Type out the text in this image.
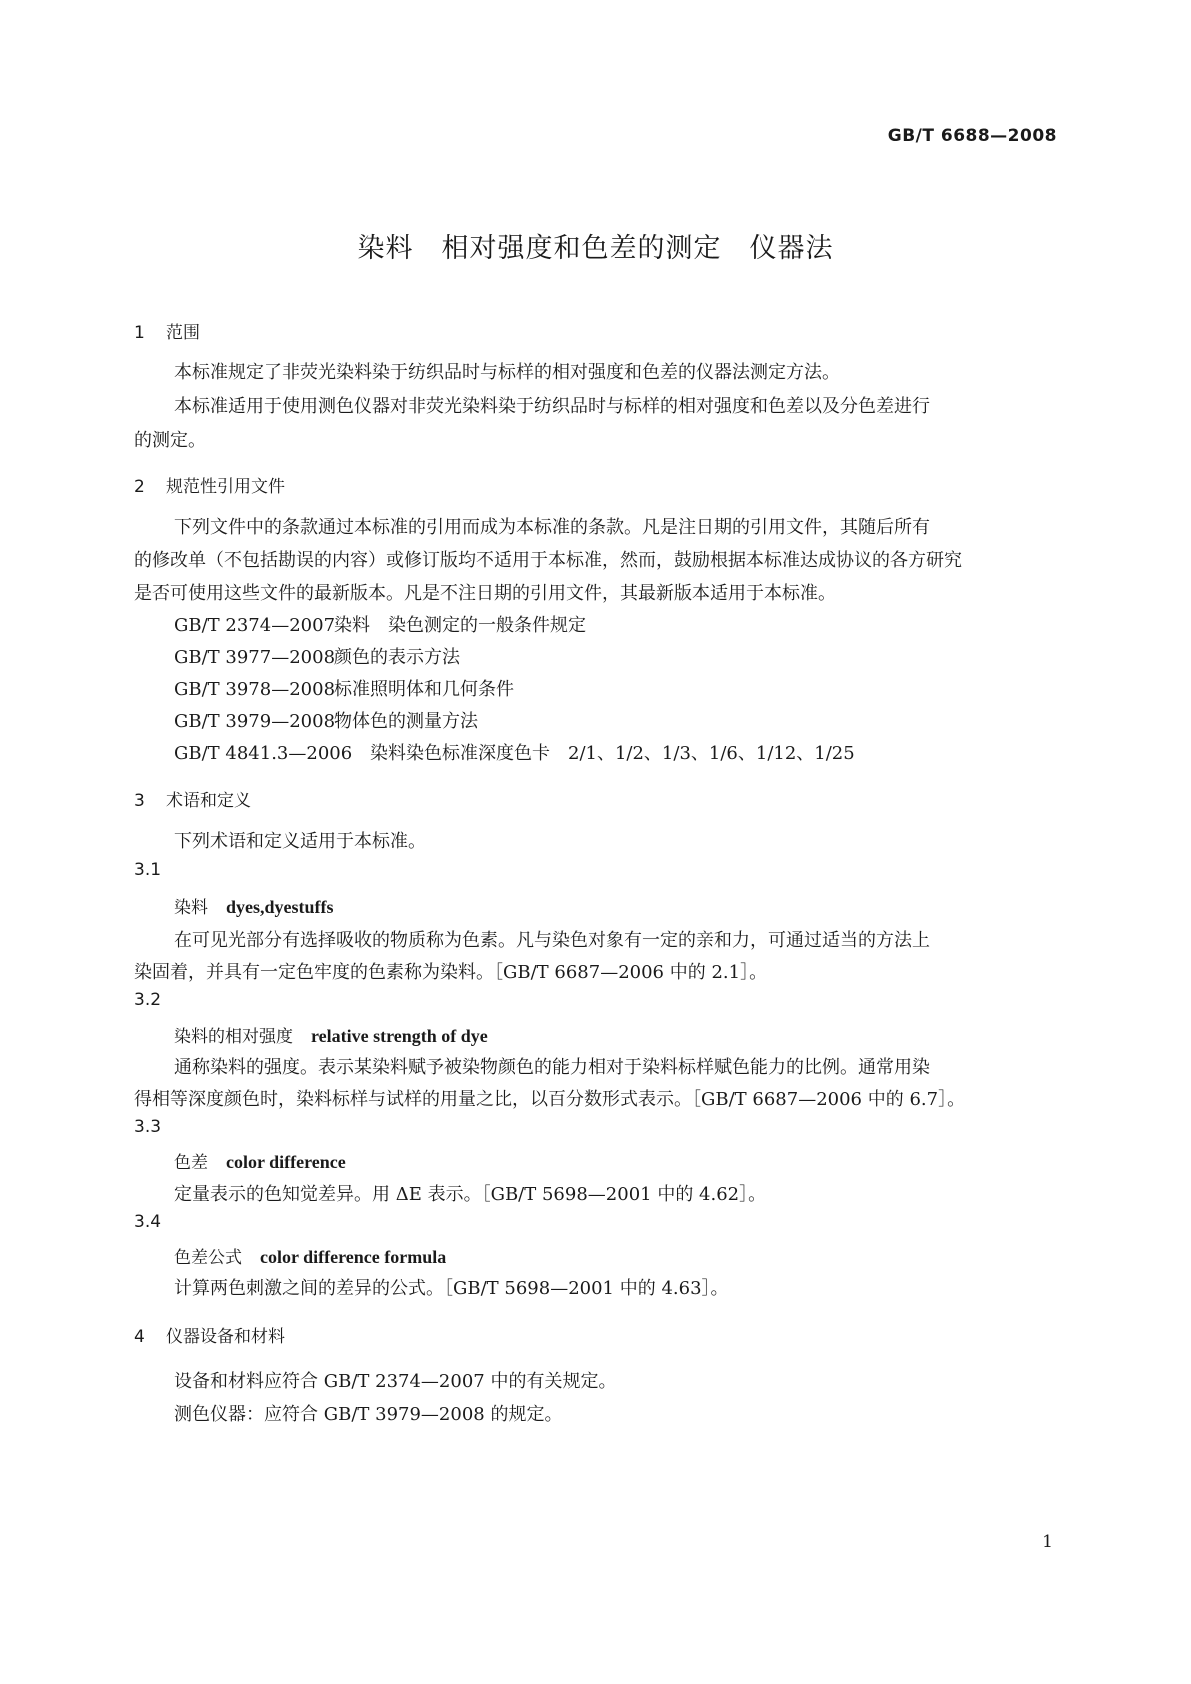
GB/T 6688—2008
染料　相对强度和色差的测定　仪器法
1 范围
本标准规定了非荧光染料染于纺织品时与标样的相对强度和色差的仪器法测定方法。
本标准适用于使用测色仪器对非荧光染料染于纺织品时与标样的相对强度和色差以及分色差进行
的测定。
2 规范性引用文件
下列文件中的条款通过本标准的引用而成为本标准的条款。凡是注日期的引用文件，其随后所有
的修改单（不包括勘误的内容）或修订版均不适用于本标准，然而，鼓励根据本标准达成协议的各方研究
是否可使用这些文件的最新版本。凡是不注日期的引用文件，其最新版本适用于本标准。
GB/T 2374—2007染料　染色测定的一般条件规定
GB/T 3977—2008颜色的表示方法
GB/T 3978—2008标准照明体和几何条件
GB/T 3979—2008物体色的测量方法
GB/T 4841.3—2006 染料染色标准深度色卡　2/1、1/2、1/3、1/6、1/12、1/25
3 术语和定义
下列术语和定义适用于本标准。
3.1
染料 dyes,dyestuffs
在可见光部分有选择吸收的物质称为色素。凡与染色对象有一定的亲和力，可通过适当的方法上
染固着，并具有一定色牢度的色素称为染料。［GB/T 6687—2006 中的 2.1］。
3.2
染料的相对强度 relative strength of dye
通称染料的强度。表示某染料赋予被染物颜色的能力相对于染料标样赋色能力的比例。通常用染
得相等深度颜色时，染料标样与试样的用量之比，以百分数形式表示。［GB/T 6687—2006 中的 6.7］。
3.3
色差 color difference
定量表示的色知觉差异。用 ΔE 表示。［GB/T 5698—2001 中的 4.62］。
3.4
色差公式 color difference formula
计算两色刺激之间的差异的公式。［GB/T 5698—2001 中的 4.63］。
4 仪器设备和材料
设备和材料应符合 GB/T 2374—2007 中的有关规定。
测色仪器：应符合 GB/T 3979—2008 的规定。
1
